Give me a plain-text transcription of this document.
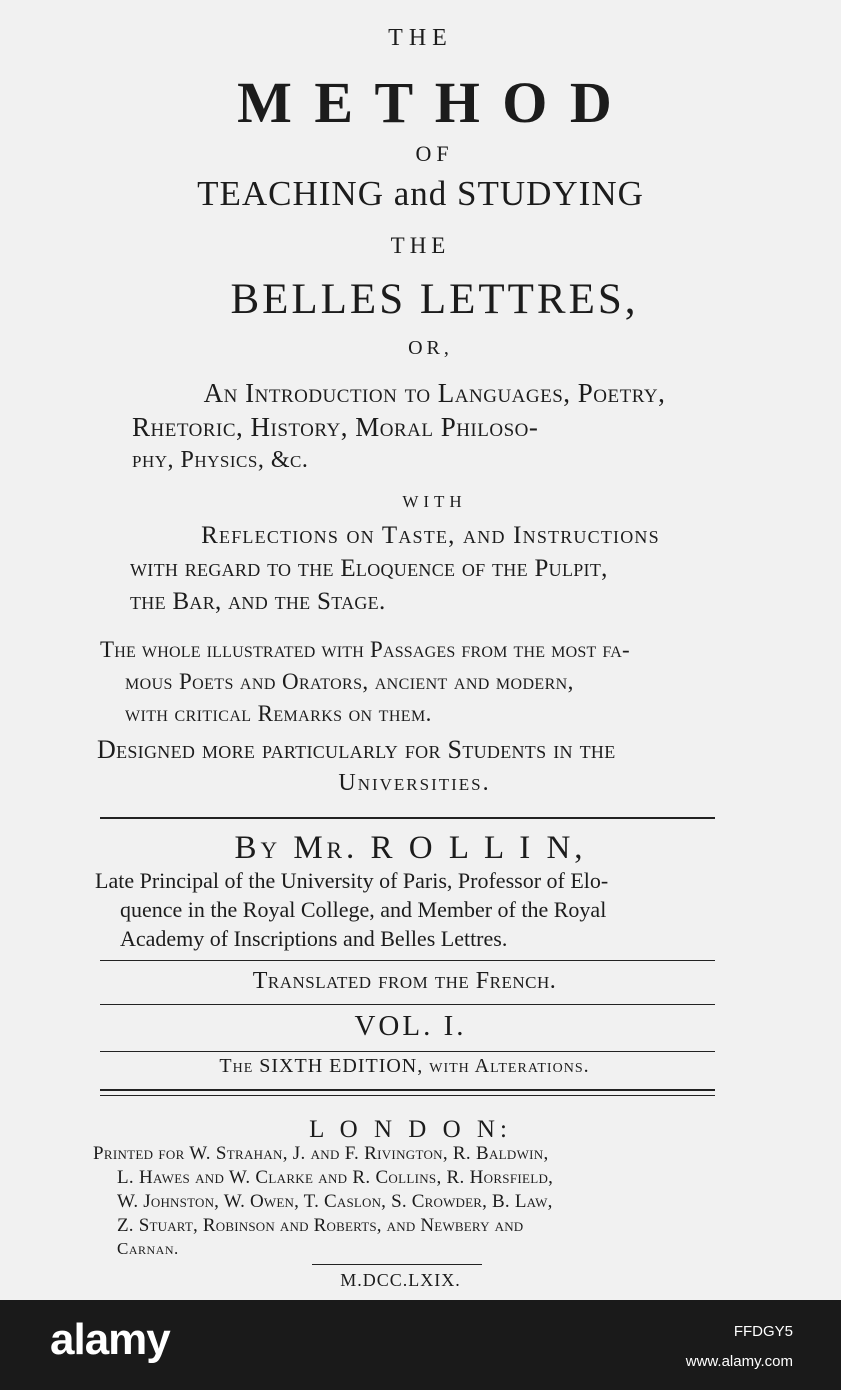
THE
M E T H O D
OF
TEACHING and STUDYING
THE
BELLES LETTRES,
OR,
An Introduction to Languages, Poetry,
Rhetoric, History, Moral Philoso-
phy, Physics, &c.
WITH
Reflections on Taste, and Instructions
with regard to the Eloquence of the Pulpit,
the Bar, and the Stage.
The whole illustrated with Passages from the most fa-
mous Poets and Orators, ancient and modern,
with critical Remarks on them.
Designed more particularly for Students in the
Universities.
By Mr. R O L L I N,
Late Principal of the University of Paris, Professor of Elo-
quence in the Royal College, and Member of the Royal
Academy of Inscriptions and Belles Lettres.
Translated from the French.
VOL. I.
The SIXTH EDITION, with Alterations.
L O N D O N:
Printed for W. Strahan, J. and F. Rivington, R. Baldwin,
L. Hawes and W. Clarke and R. Collins, R. Horsfield,
W. Johnston, W. Owen, T. Caslon, S. Crowder, B. Law,
Z. Stuart, Robinson and Roberts, and Newbery and
Carnan.
M.DCC.LXIX.
alamy	FFDGY5
www.alamy.com
